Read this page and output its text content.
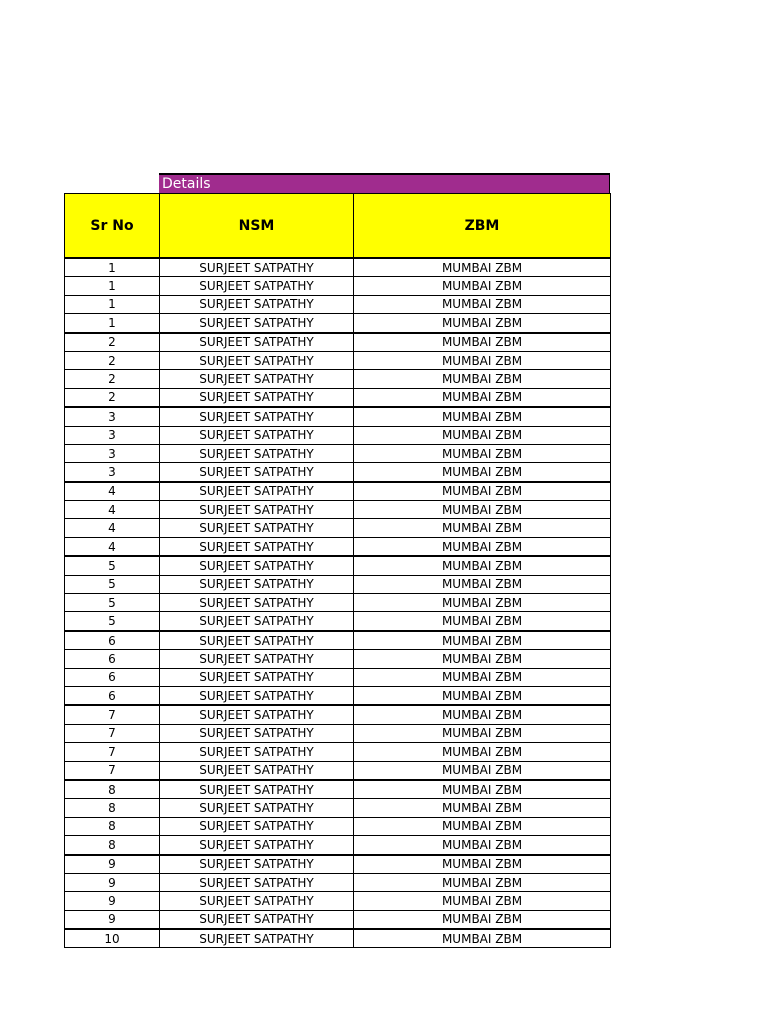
Details
Sr No	NSM	ZBM
1	SURJEET SATPATHY	MUMBAI ZBM
1	SURJEET SATPATHY	MUMBAI ZBM
1	SURJEET SATPATHY	MUMBAI ZBM
1	SURJEET SATPATHY	MUMBAI ZBM
2	SURJEET SATPATHY	MUMBAI ZBM
2	SURJEET SATPATHY	MUMBAI ZBM
2	SURJEET SATPATHY	MUMBAI ZBM
2	SURJEET SATPATHY	MUMBAI ZBM
3	SURJEET SATPATHY	MUMBAI ZBM
3	SURJEET SATPATHY	MUMBAI ZBM
3	SURJEET SATPATHY	MUMBAI ZBM
3	SURJEET SATPATHY	MUMBAI ZBM
4	SURJEET SATPATHY	MUMBAI ZBM
4	SURJEET SATPATHY	MUMBAI ZBM
4	SURJEET SATPATHY	MUMBAI ZBM
4	SURJEET SATPATHY	MUMBAI ZBM
5	SURJEET SATPATHY	MUMBAI ZBM
5	SURJEET SATPATHY	MUMBAI ZBM
5	SURJEET SATPATHY	MUMBAI ZBM
5	SURJEET SATPATHY	MUMBAI ZBM
6	SURJEET SATPATHY	MUMBAI ZBM
6	SURJEET SATPATHY	MUMBAI ZBM
6	SURJEET SATPATHY	MUMBAI ZBM
6	SURJEET SATPATHY	MUMBAI ZBM
7	SURJEET SATPATHY	MUMBAI ZBM
7	SURJEET SATPATHY	MUMBAI ZBM
7	SURJEET SATPATHY	MUMBAI ZBM
7	SURJEET SATPATHY	MUMBAI ZBM
8	SURJEET SATPATHY	MUMBAI ZBM
8	SURJEET SATPATHY	MUMBAI ZBM
8	SURJEET SATPATHY	MUMBAI ZBM
8	SURJEET SATPATHY	MUMBAI ZBM
9	SURJEET SATPATHY	MUMBAI ZBM
9	SURJEET SATPATHY	MUMBAI ZBM
9	SURJEET SATPATHY	MUMBAI ZBM
9	SURJEET SATPATHY	MUMBAI ZBM
10	SURJEET SATPATHY	MUMBAI ZBM
